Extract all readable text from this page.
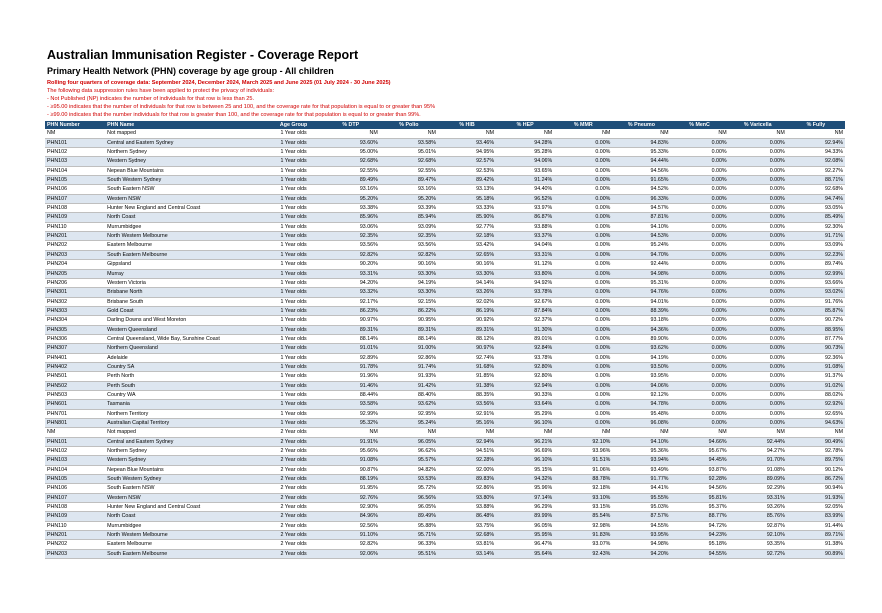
Australian Immunisation Register - Coverage Report
Primary Health Network (PHN) coverage by age group - All children
Rolling four quarters of coverage data: September 2024, December 2024, March 2025 and June 2025 (01 July 2024 - 30 June 2025)
The following data suppression rules have been applied to protect the privacy of individuals:
- Not Published (NP) indicates the number of individuals for that row is less than 25.
- ≥95.00 indicates that the number of individuals for that row is between 25 and 100, and the coverage rate for that population is equal to or greater than 95%
- ≥99.00 indicates that the number individuals for that row is greater than 100, and the coverage rate for that population is equal to or greater than 99%.
PHN Number	PHN Name	Age Group	% DTP	% Polio	% HIB	% HEP	% MMR	% Pneumo	% MenC	% Varicella	% Fully
NM	Not mapped	1 Year olds	NM	NM	NM	NM	NM	NM	NM	NM	NM
PHN101	Central and Eastern Sydney	1 Year olds	93.60%	93.58%	93.46%	94.28%	0.00%	94.83%	0.00%	0.00%	92.94%
PHN102	Northern Sydney	1 Year olds	95.00%	95.01%	94.95%	95.28%	0.00%	95.33%	0.00%	0.00%	94.33%
PHN103	Western Sydney	1 Year olds	92.68%	92.68%	92.57%	94.06%	0.00%	94.44%	0.00%	0.00%	92.08%
PHN104	Nepean Blue Mountains	1 Year olds	92.55%	92.55%	92.53%	93.65%	0.00%	94.56%	0.00%	0.00%	92.27%
PHN105	South Western Sydney	1 Year olds	89.49%	89.47%	89.42%	91.24%	0.00%	91.65%	0.00%	0.00%	88.71%
PHN106	South Eastern NSW	1 Year olds	93.16%	93.16%	93.13%	94.40%	0.00%	94.52%	0.00%	0.00%	92.68%
PHN107	Western NSW	1 Year olds	95.20%	95.20%	95.18%	96.52%	0.00%	96.33%	0.00%	0.00%	94.74%
PHN108	Hunter New England and Central Coast	1 Year olds	93.38%	93.39%	93.33%	93.97%	0.00%	94.57%	0.00%	0.00%	93.05%
PHN109	North Coast	1 Year olds	85.96%	85.94%	85.90%	86.87%	0.00%	87.81%	0.00%	0.00%	85.49%
PHN110	Murrumbidgee	1 Year olds	93.06%	93.09%	92.77%	93.88%	0.00%	94.10%	0.00%	0.00%	92.30%
PHN201	North Western Melbourne	1 Year olds	92.35%	92.35%	92.18%	93.37%	0.00%	94.53%	0.00%	0.00%	91.71%
PHN202	Eastern Melbourne	1 Year olds	93.56%	93.56%	93.42%	94.04%	0.00%	95.24%	0.00%	0.00%	93.09%
PHN203	South Eastern Melbourne	1 Year olds	92.82%	92.82%	92.65%	93.31%	0.00%	94.70%	0.00%	0.00%	92.23%
PHN204	Gippsland	1 Year olds	90.20%	90.16%	90.16%	91.12%	0.00%	92.44%	0.00%	0.00%	89.74%
PHN205	Murray	1 Year olds	93.31%	93.30%	93.30%	93.80%	0.00%	94.98%	0.00%	0.00%	92.99%
PHN206	Western Victoria	1 Year olds	94.20%	94.19%	94.14%	94.92%	0.00%	95.31%	0.00%	0.00%	93.66%
PHN301	Brisbane North	1 Year olds	93.32%	93.30%	93.26%	93.78%	0.00%	94.76%	0.00%	0.00%	93.02%
PHN302	Brisbane South	1 Year olds	92.17%	92.15%	92.02%	92.67%	0.00%	94.01%	0.00%	0.00%	91.76%
PHN303	Gold Coast	1 Year olds	86.23%	86.22%	86.19%	87.84%	0.00%	88.39%	0.00%	0.00%	85.87%
PHN304	Darling Downs and West Moreton	1 Year olds	90.97%	90.95%	90.92%	92.37%	0.00%	93.18%	0.00%	0.00%	90.72%
PHN305	Western Queensland	1 Year olds	89.31%	89.31%	89.31%	91.30%	0.00%	94.36%	0.00%	0.00%	88.95%
PHN306	Central Queensland, Wide Bay, Sunshine Coast	1 Year olds	88.14%	88.14%	88.12%	89.01%	0.00%	89.90%	0.00%	0.00%	87.77%
PHN307	Northern Queensland	1 Year olds	91.01%	91.00%	90.97%	92.84%	0.00%	93.62%	0.00%	0.00%	90.73%
PHN401	Adelaide	1 Year olds	92.89%	92.86%	92.74%	93.78%	0.00%	94.19%	0.00%	0.00%	92.36%
PHN402	Country SA	1 Year olds	91.78%	91.74%	91.68%	92.80%	0.00%	93.50%	0.00%	0.00%	91.08%
PHN501	Perth North	1 Year olds	91.96%	91.93%	91.85%	92.80%	0.00%	93.95%	0.00%	0.00%	91.37%
PHN502	Perth South	1 Year olds	91.46%	91.42%	91.38%	92.94%	0.00%	94.06%	0.00%	0.00%	91.02%
PHN503	Country WA	1 Year olds	88.44%	88.40%	88.35%	90.33%	0.00%	92.12%	0.00%	0.00%	88.02%
PHN601	Tasmania	1 Year olds	93.58%	93.62%	93.56%	93.64%	0.00%	94.78%	0.00%	0.00%	92.92%
PHN701	Northern Territory	1 Year olds	92.99%	92.95%	92.91%	95.29%	0.00%	95.48%	0.00%	0.00%	92.65%
PHN801	Australian Capital Territory	1 Year olds	95.32%	95.24%	95.16%	96.10%	0.00%	96.08%	0.00%	0.00%	94.63%
NM	Not mapped	2 Year olds	NM	NM	NM	NM	NM	NM	NM	NM	NM
PHN101	Central and Eastern Sydney	2 Year olds	91.91%	96.05%	92.94%	96.21%	92.10%	94.10%	94.66%	92.44%	90.49%
PHN102	Northern Sydney	2 Year olds	95.66%	96.62%	94.51%	96.69%	93.96%	95.36%	95.67%	94.27%	92.78%
PHN103	Western Sydney	2 Year olds	91.08%	95.57%	92.28%	96.10%	91.51%	93.94%	94.45%	91.70%	89.75%
PHN104	Nepean Blue Mountains	2 Year olds	90.87%	94.82%	92.00%	95.15%	91.06%	93.49%	93.87%	91.08%	90.12%
PHN105	South Western Sydney	2 Year olds	88.19%	93.53%	89.83%	94.32%	88.78%	91.77%	92.28%	89.09%	86.72%
PHN106	South Eastern NSW	2 Year olds	91.95%	95.72%	92.86%	95.96%	92.18%	94.41%	94.56%	92.29%	90.94%
PHN107	Western NSW	2 Year olds	92.76%	96.56%	93.80%	97.14%	93.10%	95.55%	95.81%	93.31%	91.93%
PHN108	Hunter New England and Central Coast	2 Year olds	92.90%	96.05%	93.88%	96.29%	93.15%	95.03%	95.37%	93.26%	92.05%
PHN109	North Coast	2 Year olds	84.96%	89.49%	86.48%	89.99%	85.54%	87.57%	88.77%	85.76%	83.99%
PHN110	Murrumbidgee	2 Year olds	92.56%	95.88%	93.75%	96.05%	92.98%	94.55%	94.72%	92.87%	91.44%
PHN201	North Western Melbourne	2 Year olds	91.10%	95.71%	92.68%	95.95%	91.83%	93.95%	94.23%	92.10%	89.71%
PHN202	Eastern Melbourne	2 Year olds	92.82%	96.33%	93.81%	96.47%	93.07%	94.98%	95.18%	93.35%	91.38%
PHN203	South Eastern Melbourne	2 Year olds	92.06%	95.51%	93.14%	95.64%	92.43%	94.20%	94.55%	92.72%	90.89%
